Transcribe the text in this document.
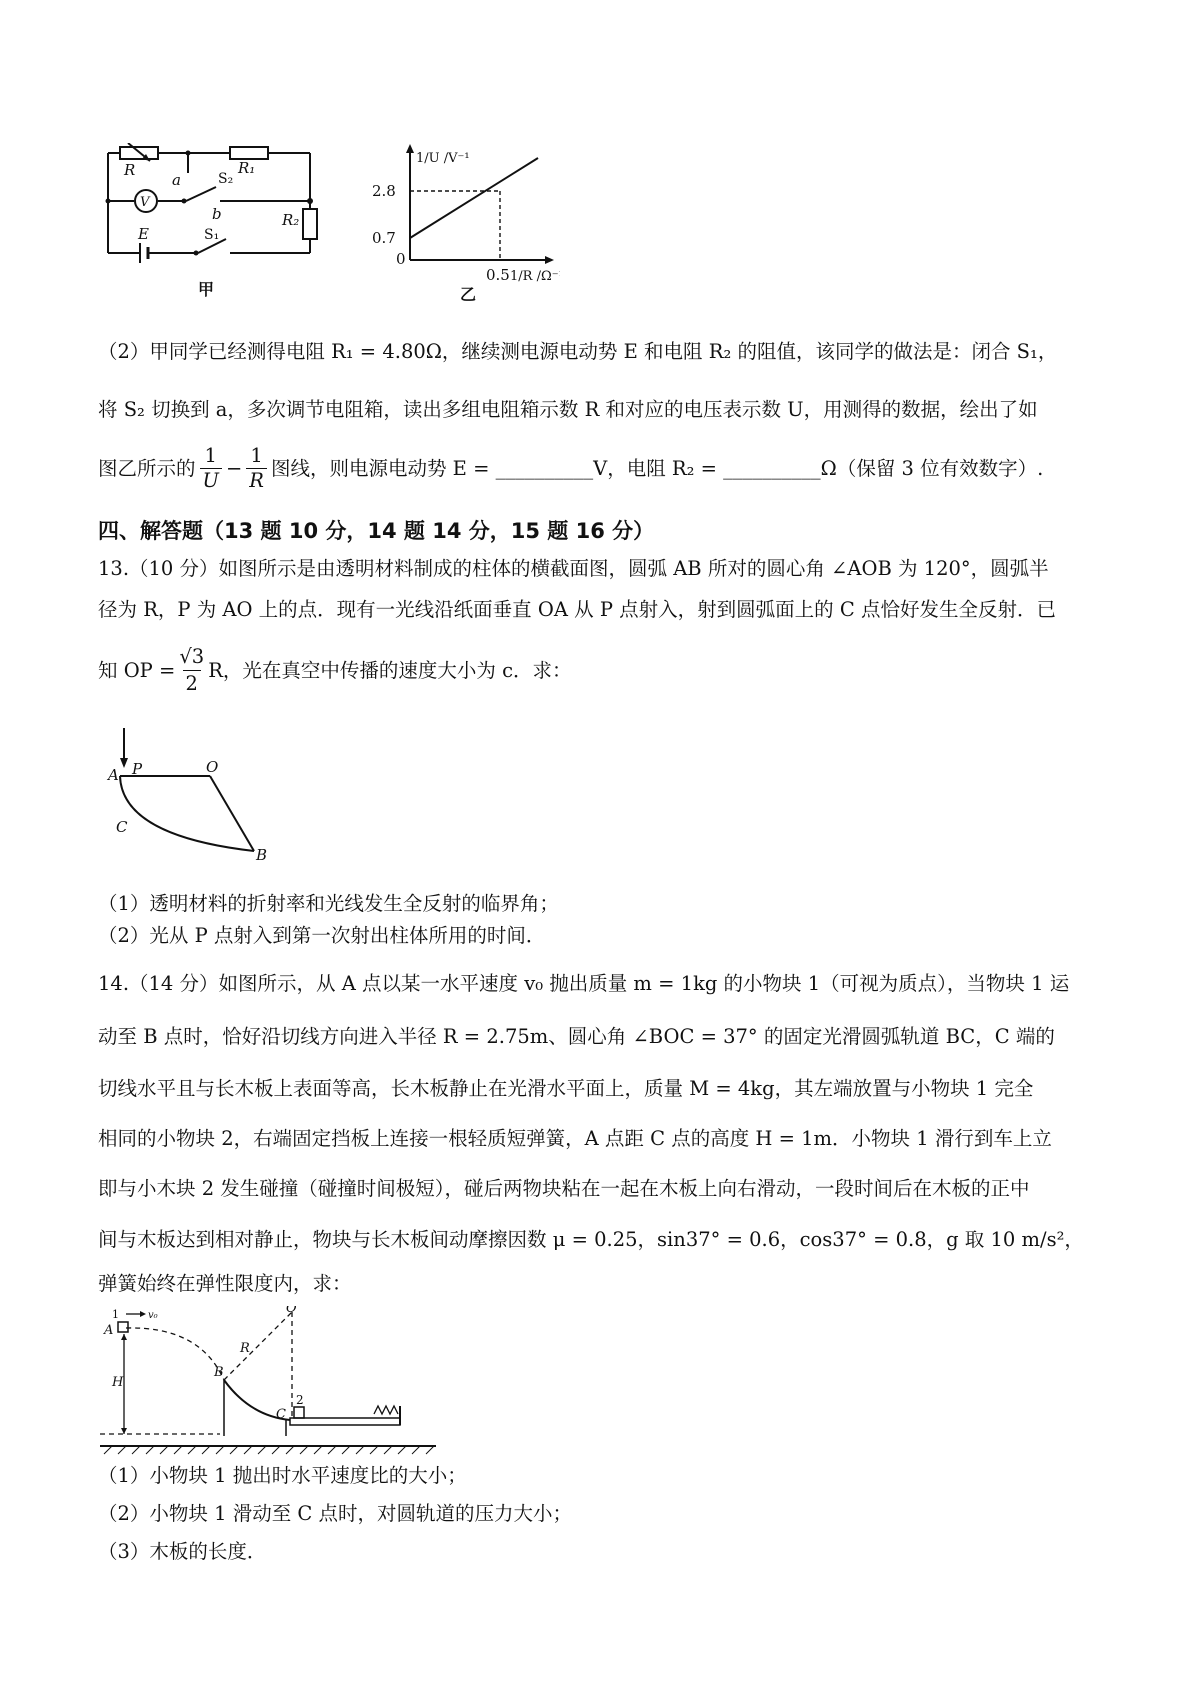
R	R₁
a	S₂
V
b	R₂
E	S₁
甲
1/U /V⁻¹
2.8
0.7
0
0.5 1/R /Ω⁻¹
乙
（2）甲同学已经测得电阻 R₁ = 4.80Ω，继续测电源电动势 E 和电阻 R₂ 的阻值，该同学的做法是：闭合 S₁，
将 S₂ 切换到 a，多次调节电阻箱，读出多组电阻箱示数 R 和对应的电压表示数 U，用测得的数据，绘出了如
图乙所示的
1
U
− $\frac{1}{R}$ 图线，则电源电动势 E = __________V，电阻 R₂ = __________Ω（保留 3 位有效数字）.
四、解答题（13 题 10 分，14 题 14 分，15 题 16 分）
13.（10 分）如图所示是由透明材料制成的柱体的横截面图，圆弧 AB 所对的圆心角 ∠AOB 为 120°，圆弧半
径为 R，P 为 AO 上的点．现有一光线沿纸面垂直 OA 从 P 点射入，射到圆弧面上的 C 点恰好发生全反射．已
知 OP = $\frac{√3}{2}$ R，光在真空中传播的速度大小为 c．求：
A P	O
C
B
（1）透明材料的折射率和光线发生全反射的临界角；
（2）光从 P 点射入到第一次射出柱体所用的时间．
14.（14 分）如图所示，从 A 点以某一水平速度 v₀ 抛出质量 m = 1kg 的小物块 1（可视为质点），当物块 1 运
动至 B 点时，恰好沿切线方向进入半径 R = 2.75m、圆心角 ∠BOC = 37° 的固定光滑圆弧轨道 BC，C 端的
切线水平且与长木板上表面等高，长木板静止在光滑水平面上，质量 M = 4kg，其左端放置与小物块 1 完全
相同的小物块 2，右端固定挡板上连接一根轻质短弹簧，A 点距 C 点的高度 H = 1m．小物块 1 滑行到车上立
即与小木块 2 发生碰撞（碰撞时间极短），碰后两物块粘在一起在木板上向右滑动，一段时间后在木板的正中
间与木板达到相对静止，物块与长木板间动摩擦因数 μ = 0.25，sin37° = 0.6，cos37° = 0.8，g 取 10 m/s²，
弹簧始终在弹性限度内，求：
1	v₀
A
O
R
H
B
C
2
（1）小物块 1 抛出时水平速度比的大小；
（2）小物块 1 滑动至 C 点时，对圆轨道的压力大小；
（3）木板的长度．
